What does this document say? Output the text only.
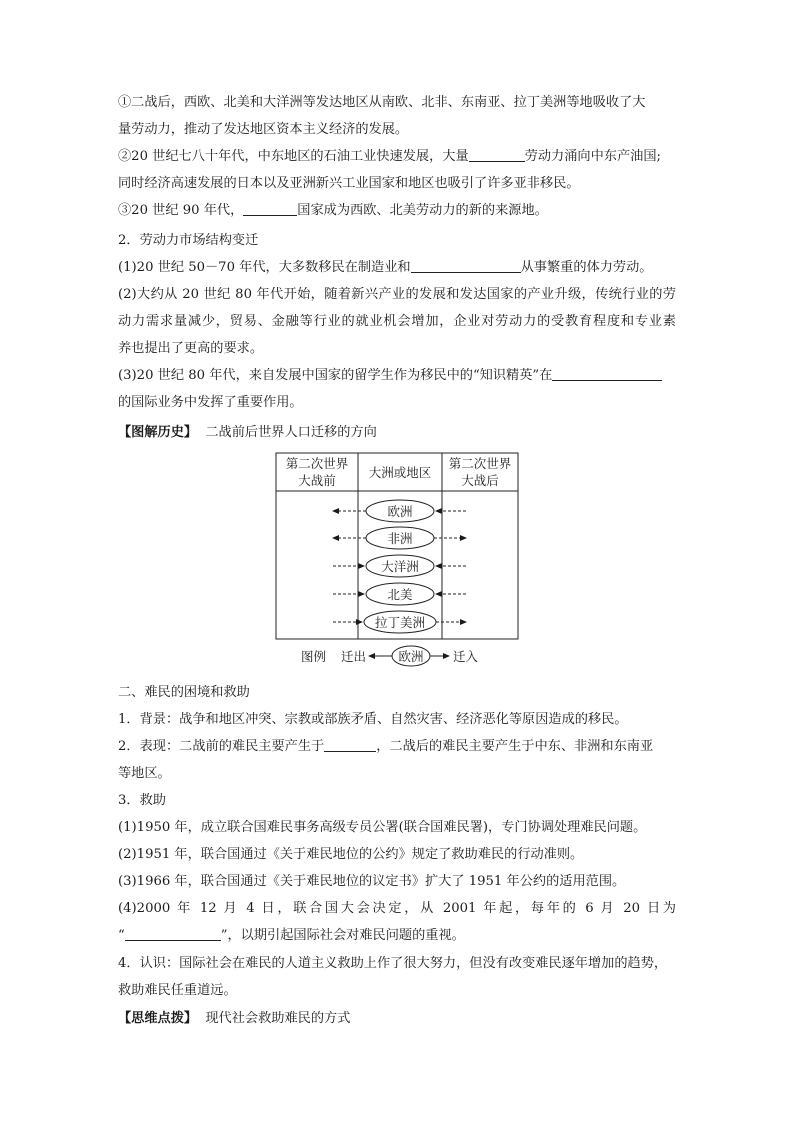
①二战后，西欧、北美和大洋洲等发达地区从南欧、北非、东南亚、拉丁美洲等地吸收了大
量劳动力，推动了发达地区资本主义经济的发展。
②20 世纪七八十年代，中东地区的石油工业快速发展，大量	劳动力涌向中东产油国;
同时经济高速发展的日本以及亚洲新兴工业国家和地区也吸引了许多亚非移民。
③20 世纪 90 年代，	国家成为西欧、北美劳动力的新的来源地。
2．劳动力市场结构变迁
(1)20 世纪 50－70 年代，大多数移民在制造业和	从事繁重的体力劳动。
(2)大约从 20 世纪 80 年代开始，随着新兴产业的发展和发达国家的产业升级，传统行业的劳
动力需求量减少，贸易、金融等行业的就业机会增加，企业对劳动力的受教育程度和专业素
养也提出了更高的要求。
(3)20 世纪 80 年代，来自发展中国家的留学生作为移民中的“知识精英”在
的国际业务中发挥了重要作用。
【图解历史】 二战前后世界人口迁移的方向
第二次世界
大战前
大洲或地区
第二次世界
大战后
欧洲
非洲
大洋洲
北美
拉丁美洲
图例 迁出	欧洲 迁入
二、难民的困境和救助
1．背景：战争和地区冲突、宗教或部族矛盾、自然灾害、经济恶化等原因造成的移民。
2．表现：二战前的难民主要产生于	，二战后的难民主要产生于中东、非洲和东南亚
等地区。
3．救助
(1)1950 年，成立联合国难民事务高级专员公署(联合国难民署)，专门协调处理难民问题。
(2)1951 年，联合国通过《关于难民地位的公约》规定了救助难民的行动准则。
(3)1966 年，联合国通过《关于难民地位的议定书》扩大了 1951 年公约的适用范围。
(4)2000 年 12 月 4 日，联合国大会决定，从 2001 年起，每年的 6 月 20 日为
“	”，以期引起国际社会对难民问题的重视。
4．认识：国际社会在难民的人道主义救助上作了很大努力，但没有改变难民逐年增加的趋势，
救助难民任重道远。
【思维点拨】 现代社会救助难民的方式
